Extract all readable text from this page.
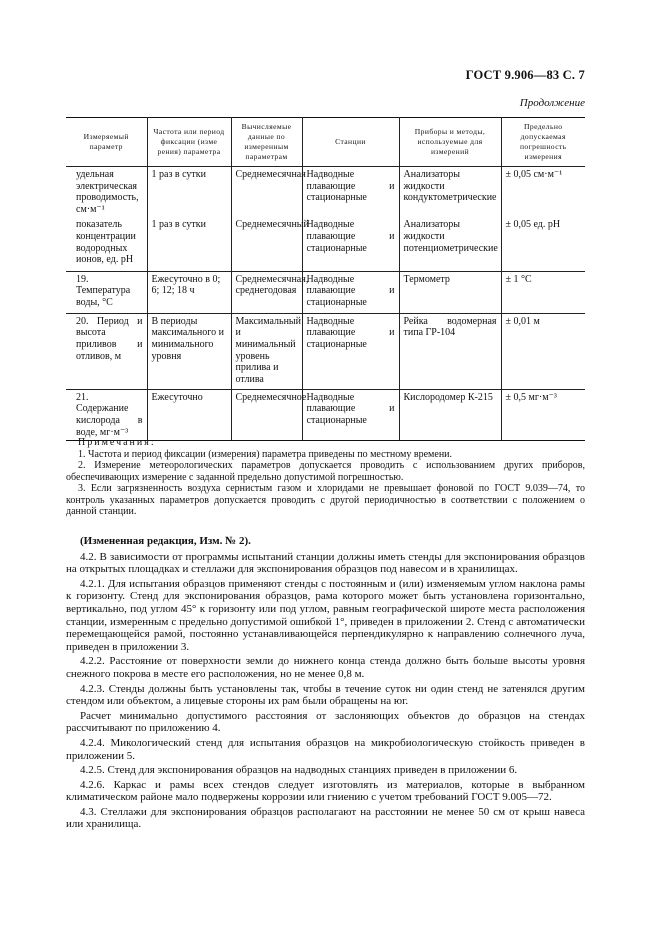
ГОСТ 9.906—83 С. 7
Продолжение
Измеряемый параметр	Частота или период фиксации (изме рения) параметра	Вычисляемые данные по измеренным параметрам	Станции	Приборы и методы, используемые для измерений	Предельно допускаемая погрешность измерения
удельная электрическая проводимость, см·м⁻¹	1 раз в сутки	Среднемесячная	Надводные плавающие и стационарные	Анализаторы жидкости кондуктометрические	± 0,05 см·м⁻¹
показатель концентрации водородных ионов, ед. рН	1 раз в сутки	Среднемесячный	Надводные плавающие и стационарные	Анализаторы жидкости потенциометрические	± 0,05 ед. рН
19. Температура воды, °С	Ежесуточно в 0; 6; 12; 18 ч	Среднемесячная, среднегодовая	Надводные плавающие и стационарные	Термометр	± 1 °С
20. Период и высота приливов и отливов, м	В периоды максимального и минимального уровня	Максимальный и минимальный уровень прилива и отлива	Надводные плавающие и стационарные	Рейка водомерная типа ГР-104	± 0,01 м
21. Содержание кислорода в воде, мг·м⁻³	Ежесуточно	Среднемесячное	Надводные плавающие и стационарные	Кислородомер К-215	± 0,5 мг·м⁻³
Примечания:

1. Частота и период фиксации (измерения) параметра приведены по местному времени.

2. Измерение метеорологических параметров допускается проводить с использованием других приборов, обеспечивающих измерение с заданной предельно допустимой погрешностью.

3. Если загрязненность воздуха сернистым газом и хлоридами не превышает фоновой по ГОСТ 9.039—74, то контроль указанных параметров допускается проводить с другой периодичностью в соответствии с положением о данной станции.

(Измененная редакция, Изм. № 2).

4.2. В зависимости от программы испытаний станции должны иметь стенды для экспонирования образцов на открытых площадках и стеллажи для экспонирования образцов под навесом и в хранилищах.

4.2.1. Для испытания образцов применяют стенды с постоянным и (или) изменяемым углом наклона рамы к горизонту. Стенд для экспонирования образцов, рама которого может быть установлена горизонтально, вертикально, под углом 45° к горизонту или под углом, равным географической широте места расположения станции, измеренным с предельно допустимой ошибкой 1°, приведен в приложении 2. Стенд с автоматически перемещающейся рамой, постоянно устанавливающейся перпендикулярно к направлению солнечного луча, приведен в приложении 3.

4.2.2. Расстояние от поверхности земли до нижнего конца стенда должно быть больше высоты уровня снежного покрова в месте его расположения, но не менее 0,8 м.

4.2.3. Стенды должны быть установлены так, чтобы в течение суток ни один стенд не затенялся другим стендом или объектом, а лицевые стороны их рам были обращены на юг.

Расчет минимально допустимого расстояния от заслоняющих объектов до образцов на стендах рассчитывают по приложению 4.

4.2.4. Микологический стенд для испытания образцов на микробиологическую стойкость приведен в приложении 5.

4.2.5. Стенд для экспонирования образцов на надводных станциях приведен в приложении 6.

4.2.6. Каркас и рамы всех стендов следует изготовлять из материалов, которые в выбранном климатическом районе мало подвержены коррозии или гниению с учетом требований ГОСТ 9.005—72.

4.3. Стеллажи для экспонирования образцов располагают на расстоянии не менее 50 см от крыш навеса или хранилища.
